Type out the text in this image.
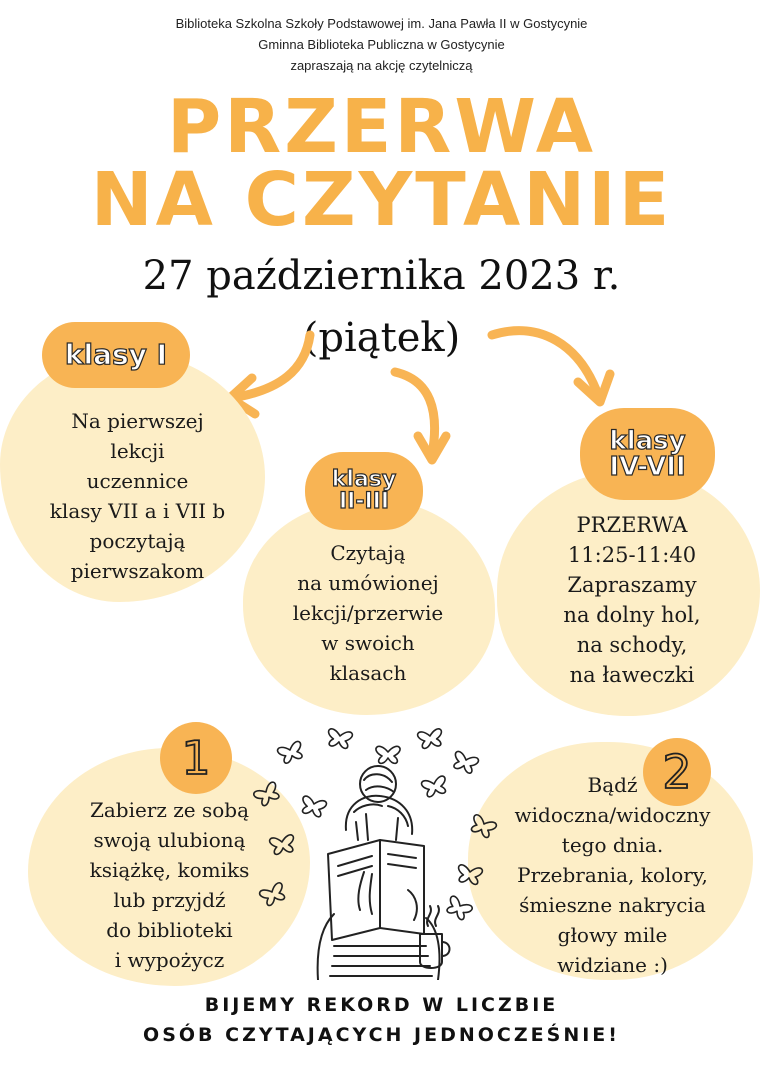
Biblioteka Szkolna Szkoły Podstawowej im. Jana Pawła II w Gostycynie
Gminna Biblioteka Publiczna w Gostycynie
zapraszają na akcję czytelniczą
PRZERWA
NA CZYTANIE
27 października 2023 r.
(piątek)
klasy I
Na pierwszej
lekcji
uczennice
klasy VII a i VII b
poczytają
pierwszakom
klasy
II-III
Czytają
na umówionej
lekcji/przerwie
w swoich
klasach
klasy
IV-VII
PRZERWA
11:25-11:40
Zapraszamy
na dolny hol,
na schody,
na ławeczki
1
Zabierz ze sobą
swoją ulubioną
książkę, komiks
lub przyjdź
do biblioteki
i wypożycz
2
Bądź
widoczna/widoczny
tego dnia.
Przebrania, kolory,
śmieszne nakrycia
głowy mile
widziane :)
BIJEMY REKORD W LICZBIE
OSÓB CZYTAJĄCYCH JEDNOCZEŚNIE!
